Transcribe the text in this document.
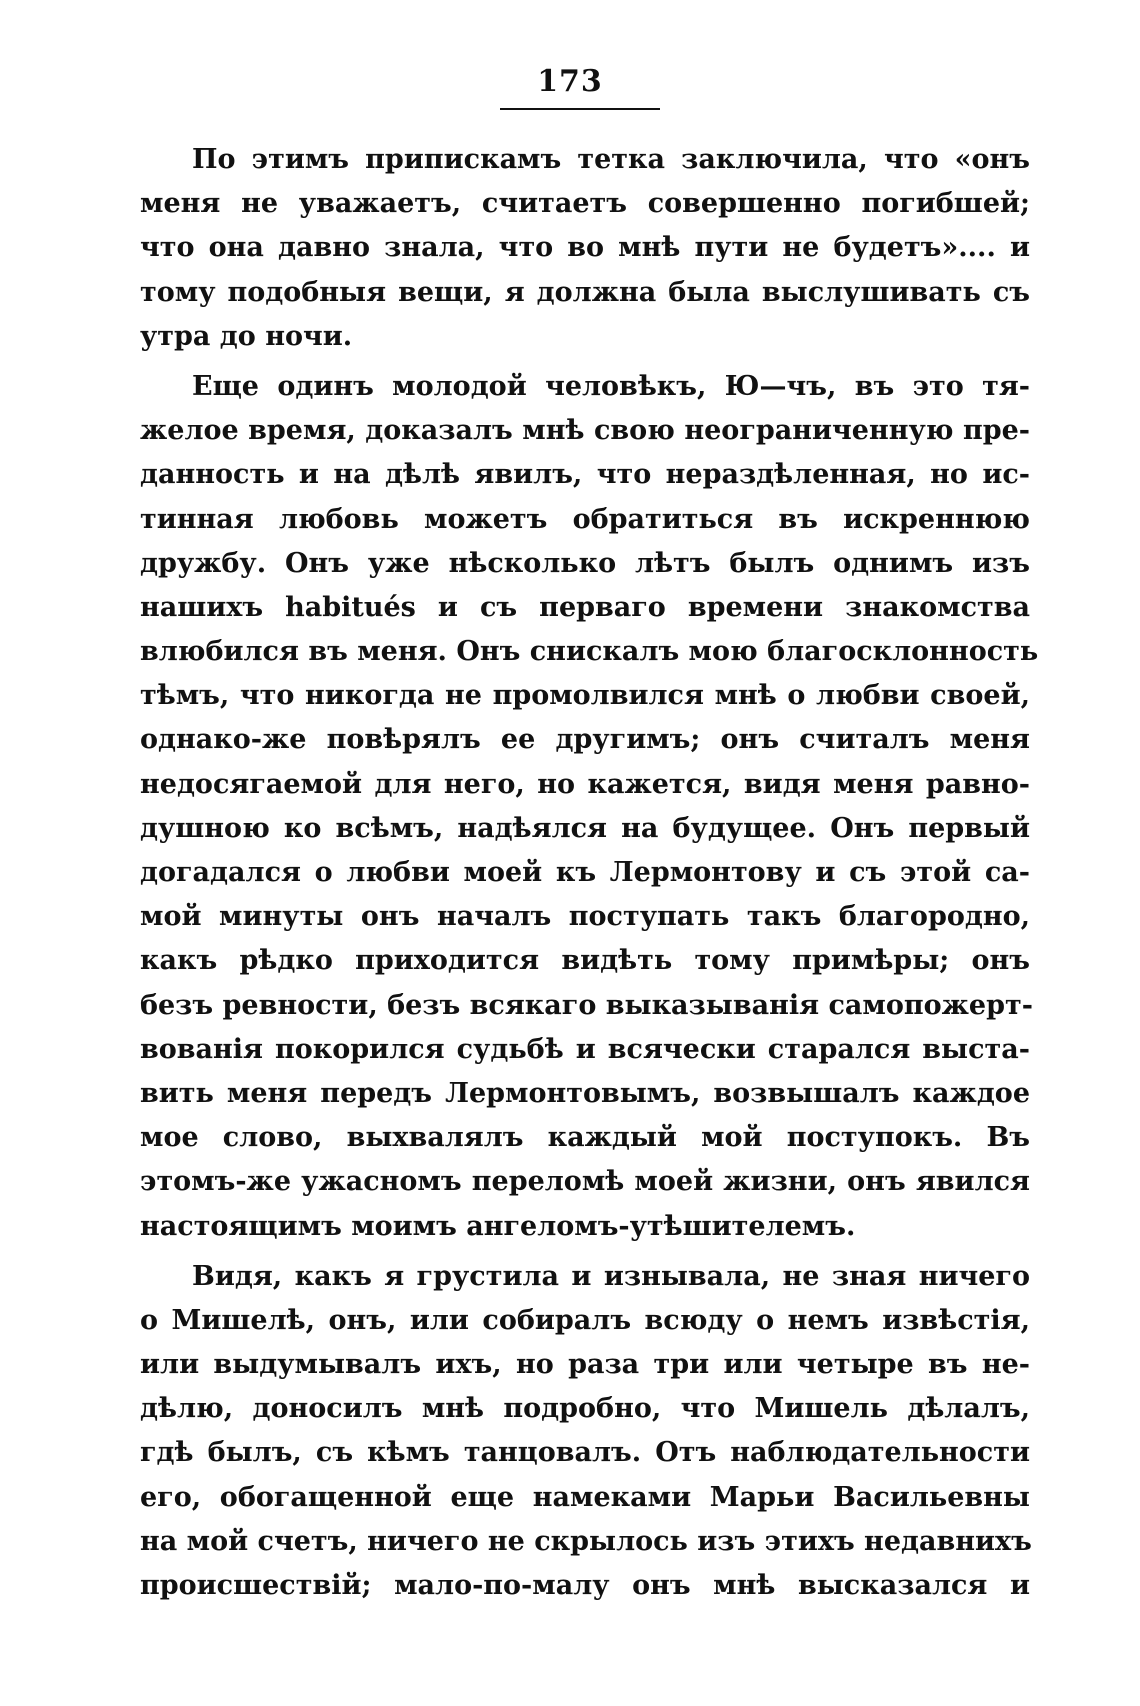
173
По этимъ припискамъ тетка заключила, что «онъ
меня не уважаетъ, считаетъ совершенно погибшей;
что она давно знала, что во мнѣ пути не будетъ».... и
тому подобныя вещи, я должна была выслушивать съ
утра до ночи.
Еще одинъ молодой человѣкъ, Ю—чъ, въ это тя-
желое время, доказалъ мнѣ свою неограниченную пре-
данность и на дѣлѣ явилъ, что нераздѣленная, но ис-
тинная любовь можетъ обратиться въ искреннюю
дружбу. Онъ уже нѣсколько лѣтъ былъ однимъ изъ
нашихъ habitués и съ перваго времени знакомства
влюбился въ меня. Онъ снискалъ мою благосклонность
тѣмъ, что никогда не промолвился мнѣ о любви своей,
однако-же повѣрялъ ее другимъ; онъ считалъ меня
недосягаемой для него, но кажется, видя меня равно-
душною ко всѣмъ, надѣялся на будущее. Онъ первый
догадался о любви моей къ Лермонтову и съ этой са-
мой минуты онъ началъ поступать такъ благородно,
какъ рѣдко приходится видѣть тому примѣры; онъ
безъ ревности, безъ всякаго выказыванія самопожерт-
вованія покорился судьбѣ и всячески старался выста-
вить меня передъ Лермонтовымъ, возвышалъ каждое
мое слово, выхвалялъ каждый мой поступокъ. Въ
этомъ-же ужасномъ переломѣ моей жизни, онъ явился
настоящимъ моимъ ангеломъ-утѣшителемъ.
Видя, какъ я грустила и изнывала, не зная ничего
о Мишелѣ, онъ, или собиралъ всюду о немъ извѣстія,
или выдумывалъ ихъ, но раза три или четыре въ не-
дѣлю, доносилъ мнѣ подробно, что Мишель дѣлалъ,
гдѣ былъ, съ кѣмъ танцовалъ. Отъ наблюдательности
его, обогащенной еще намеками Марьи Васильевны
на мой счетъ, ничего не скрылось изъ этихъ недавнихъ
происшествій; мало-по-малу онъ мнѣ высказался и
